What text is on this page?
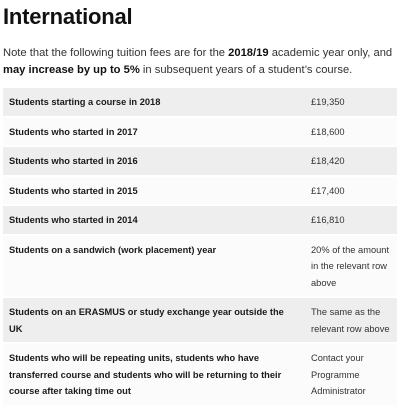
International

Note that the following tuition fees are for the 2018/19 academic year only, and may increase by up to 5% in subsequent years of a student’s course.

Students starting a course in 2018	£19,350
Students who started in 2017	£18,600
Students who started in 2016	£18,420
Students who started in 2015	£17,400
Students who started in 2014	£16,810
Students on a sandwich (work placement) year	20% of the amount in the relevant row above
Students on an ERASMUS or study exchange year outside the UK	The same as the relevant row above
Students who will be repeating units, students who have transferred course and students who will be returning to their course after taking time out	Contact your Programme Administrator
